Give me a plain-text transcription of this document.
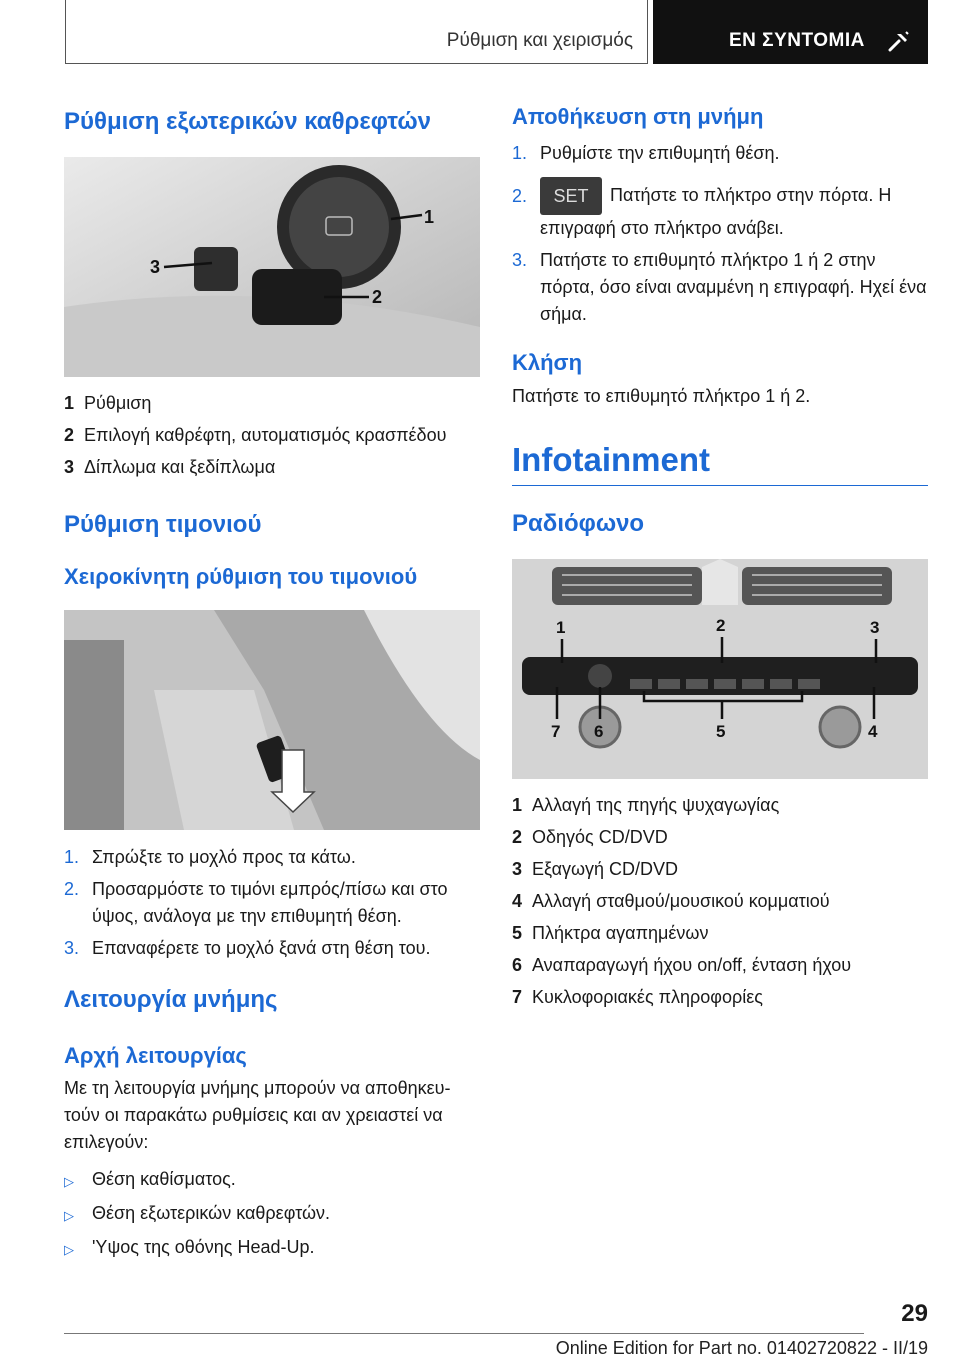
Ρύθμιση και χειρισμός	ΕΝ ΣΥΝΤΟΜΙΑ
Ρύθμιση εξωτερικών καθρεφτών
1
2
3
1 Ρύθμιση
2 Επιλογή καθρέφτη, αυτοματισμός κρασπέδου
3 Δίπλωμα και ξεδίπλωμα
Ρύθμιση τιμονιού
Χειροκίνητη ρύθμιση του τιμονιού
1. Σπρώξτε το μοχλό προς τα κάτω.
2. Προσαρμόστε το τιμόνι εμπρός/πίσω και στο ύψος, ανάλογα με την επιθυμητή θέση.
3. Επαναφέρετε το μοχλό ξανά στη θέση του.
Λειτουργία μνήμης
Αρχή λειτουργίας

Με τη λειτουργία μνήμης μπορούν να αποθηκευ‐τούν οι παρακάτω ρυθμίσεις και αν χρειαστεί να επιλεγούν:

▷	Θέση καθίσματος.
▷	Θέση εξωτερικών καθρεφτών.
▷	'Υψος της οθόνης Head-Up.
Αποθήκευση στη μνήμη
1. Ρυθμίστε την επιθυμητή θέση.
2.	SET Πατήστε το πλήκτρο στην πόρτα. Η επιγραφή στο πλήκτρο ανάβει.
3. Πατήστε το επιθυμητό πλήκτρο 1 ή 2 στην πόρτα, όσο είναι αναμμένη η επιγραφή. Ηχεί ένα σήμα.
Κλήση

Πατήστε το επιθυμητό πλήκτρο 1 ή 2.

Infotainment
Ραδιόφωνο
1	2	3
7 6	5	4
1 Αλλαγή της πηγής ψυχαγωγίας
2 Οδηγός CD/DVD
3 Εξαγωγή CD/DVD
4 Αλλαγή σταθμού/μουσικού κομματιού
5 Πλήκτρα αγαπημένων
6 Αναπαραγωγή ήχου on/off, ένταση ήχου
7 Κυκλοφοριακές πληροφορίες
29
Online Edition for Part no. 01402720822 - II/19
